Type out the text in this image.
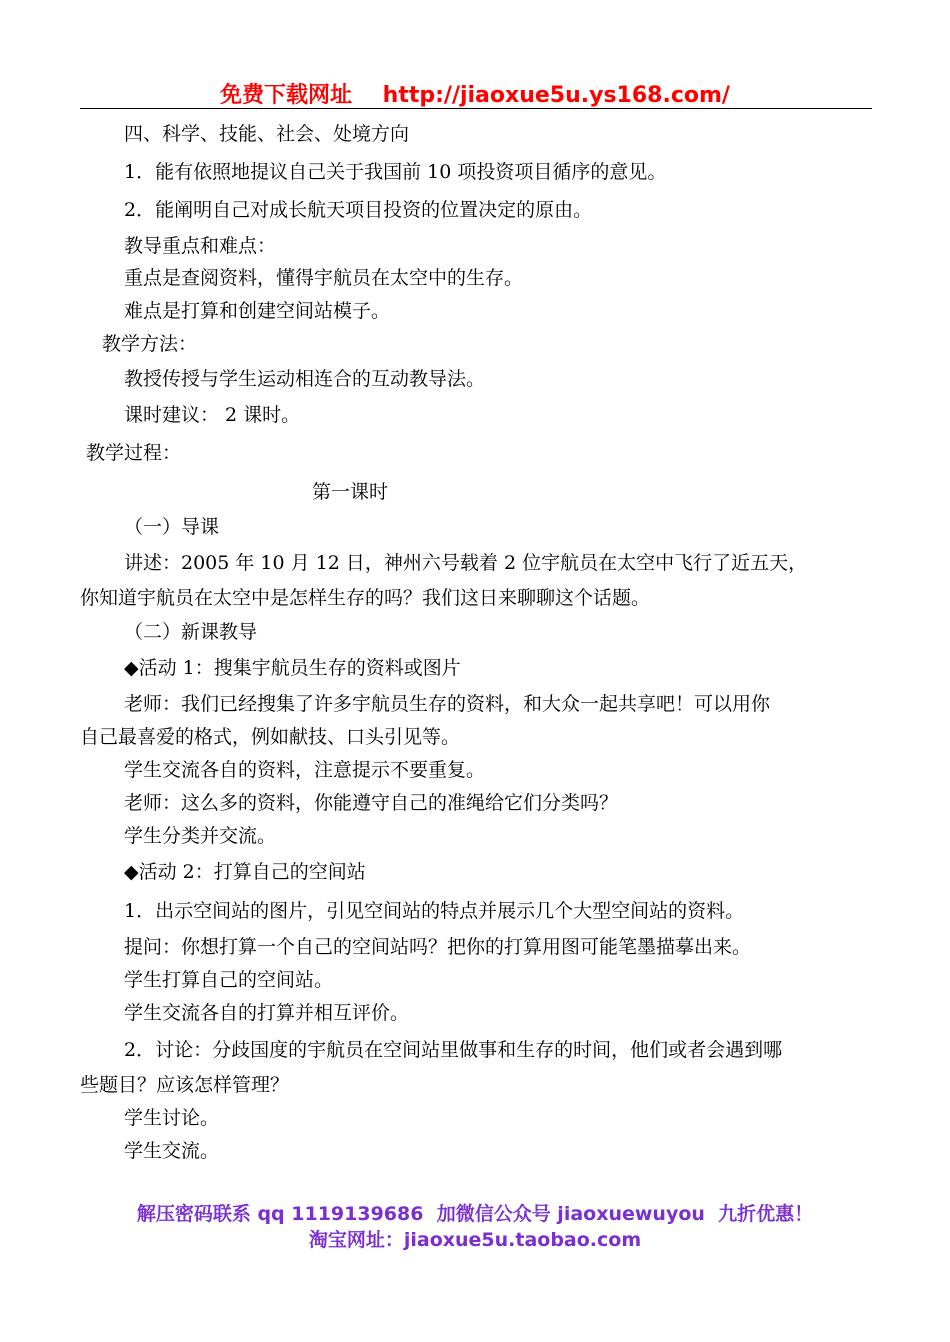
免费下载网址    http://jiaoxue5u.ys168.com/
四、科学、技能、社会、处境方向
1．能有依照地提议自己关于我国前 10 项投资项目循序的意见。
2．能阐明自己对成长航天项目投资的位置决定的原由。
教导重点和难点：
重点是查阅资料，懂得宇航员在太空中的生存。
难点是打算和创建空间站模子。
教学方法：
教授传授与学生运动相连合的互动教导法。
课时建议： 2 课时。
教学过程：
第一课时
（一）导课
讲述：2005 年 10 月 12 日，神州六号载着 2 位宇航员在太空中飞行了近五天，
你知道宇航员在太空中是怎样生存的吗？我们这日来聊聊这个话题。
（二）新课教导
◆活动 1：搜集宇航员生存的资料或图片
老师：我们已经搜集了许多宇航员生存的资料，和大众一起共享吧！可以用你
自己最喜爱的格式，例如献技、口头引见等。
学生交流各自的资料，注意提示不要重复。
老师：这么多的资料，你能遵守自己的准绳给它们分类吗？
学生分类并交流。
◆活动 2：打算自己的空间站
1．出示空间站的图片，引见空间站的特点并展示几个大型空间站的资料。
提问：你想打算一个自己的空间站吗？把你的打算用图可能笔墨描摹出来。
学生打算自己的空间站。
学生交流各自的打算并相互评价。
2．讨论：分歧国度的宇航员在空间站里做事和生存的时间，他们或者会遇到哪
些题目？应该怎样管理？
学生讨论。
学生交流。
解压密码联系 qq 1119139686  加微信公众号 jiaoxuewuyou  九折优惠！
淘宝网址：jiaoxue5u.taobao.com
